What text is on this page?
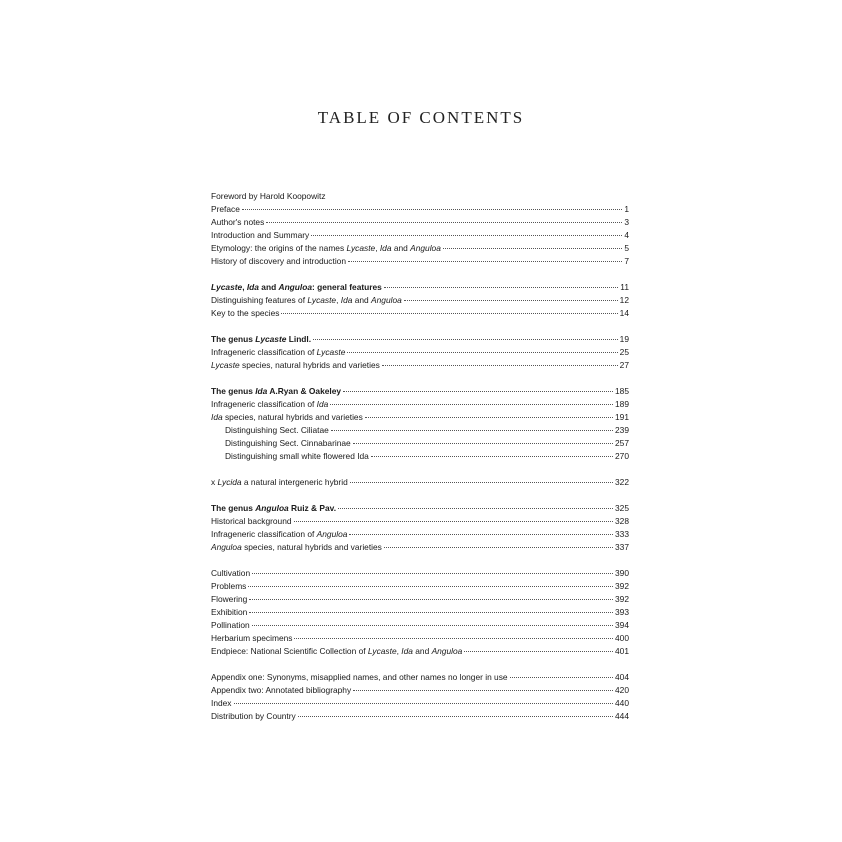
TABLE OF CONTENTS
Foreword by Harold Koopowitz
Preface	1
Author's notes	3
Introduction and Summary	4
Etymology: the origins of the names Lycaste, Ida and Anguloa	5
History of discovery and introduction	7
Lycaste, Ida and Anguloa: general features	11
Distinguishing features of Lycaste, Ida and Anguloa	12
Key to the species	14
The genus Lycaste Lindl.	19
Infrageneric classification of Lycaste	25
Lycaste species, natural hybrids and varieties	27
The genus Ida A.Ryan & Oakeley	185
Infrageneric classification of Ida	189
Ida species, natural hybrids and varieties	191
Distinguishing Sect. Ciliatae	239
Distinguishing Sect. Cinnabarinae	257
Distinguishing small white flowered Ida	270
x Lycida a natural intergeneric hybrid	322
The genus Anguloa Ruiz & Pav.	325
Historical background	328
Infrageneric classification of Anguloa	333
Anguloa species, natural hybrids and varieties	337
Cultivation	390
Problems	392
Flowering	392
Exhibition	393
Pollination	394
Herbarium specimens	400
Endpiece: National Scientific Collection of Lycaste, Ida and Anguloa	401
Appendix one: Synonyms, misapplied names, and other names no longer in use	404
Appendix two: Annotated bibliography	420
Index	440
Distribution by Country	444
